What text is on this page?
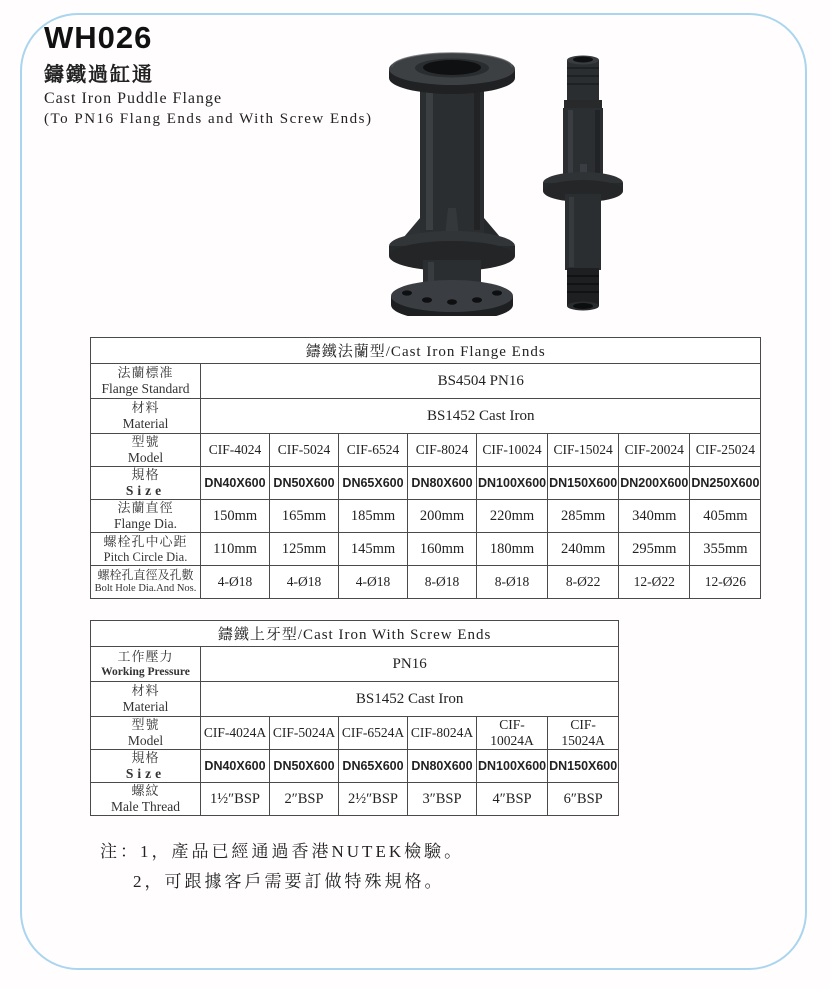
WH026
鑄鐵過缸通
Cast Iron Puddle Flange
(To PN16 Flang Ends and With Screw Ends)
鑄鐵法蘭型/Cast Iron Flange Ends								

法蘭標准
Flange Standard	BS4504 PN16							

材料
Material	BS1452 Cast Iron							

型號
Model	CIF-4024	CIF-5024	CIF-6524	CIF-8024	CIF-10024	CIF-15024	CIF-20024	CIF-25024

規格
Size	DN40X600	DN50X600	DN65X600	DN80X600	DN100X600	DN150X600	DN200X600	DN250X600

法蘭直徑
Flange Dia.	150mm	165mm	185mm	200mm	220mm	285mm	340mm	405mm

螺栓孔中心距
Pitch Circle Dia.	110mm	125mm	145mm	160mm	180mm	240mm	295mm	355mm

螺栓孔直徑及孔數
Bolt Hole Dia.And Nos.	4-Ø18	4-Ø18	4-Ø18	8-Ø18	8-Ø18	8-Ø22	12-Ø22	12-Ø26
鑄鐵上牙型/Cast Iron With Screw Ends						

工作壓力
Working Pressure	PN16					

材料
Material	BS1452 Cast Iron					

型號
Model	CIF-4024A	CIF-5024A	CIF-6524A	CIF-8024A	CIF-10024A	CIF-15024A

規格
Size	DN40X600	DN50X600	DN65X600	DN80X600	DN100X600	DN150X600

螺紋
Male Thread	1½″BSP	2″BSP	2½″BSP	3″BSP	4″BSP	6″BSP
注：1，產品已經通過香港NUTEK檢驗。
2，可跟據客戶需要訂做特殊規格。
